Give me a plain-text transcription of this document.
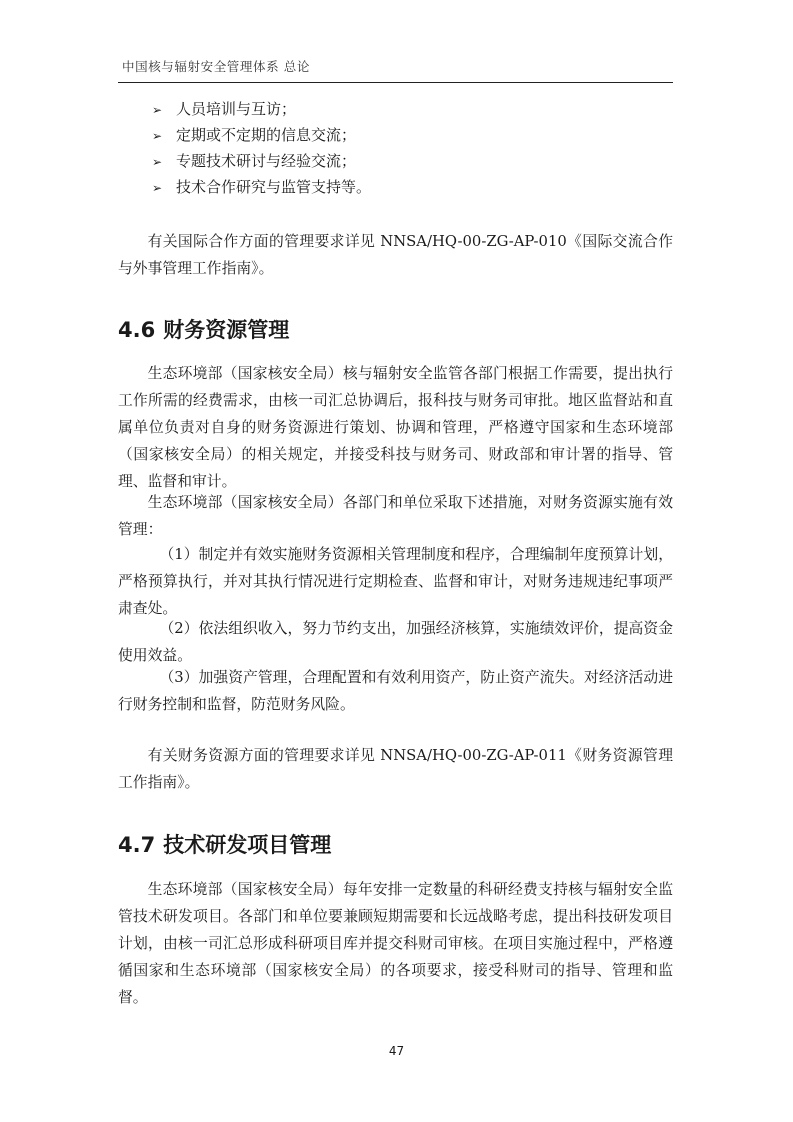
中国核与辐射安全管理体系 总论
➢ 人员培训与互访；
➢ 定期或不定期的信息交流；
➢ 专题技术研讨与经验交流；
➢ 技术合作研究与监管支持等。

有关国际合作方面的管理要求详见 NNSA/HQ-00-ZG-AP-010《国际交流合作与外事管理工作指南》。

4.6 财务资源管理

生态环境部（国家核安全局）核与辐射安全监管各部门根据工作需要，提出执行工作所需的经费需求，由核一司汇总协调后，报科技与财务司审批。地区监督站和直属单位负责对自身的财务资源进行策划、协调和管理，严格遵守国家和生态环境部（国家核安全局）的相关规定，并接受科技与财务司、财政部和审计署的指导、管理、监督和审计。

生态环境部（国家核安全局）各部门和单位采取下述措施，对财务资源实施有效管理：

（1）制定并有效实施财务资源相关管理制度和程序，合理编制年度预算计划，严格预算执行，并对其执行情况进行定期检查、监督和审计，对财务违规违纪事项严肃查处。

（2）依法组织收入，努力节约支出，加强经济核算，实施绩效评价，提高资金使用效益。

（3）加强资产管理，合理配置和有效利用资产，防止资产流失。对经济活动进行财务控制和监督，防范财务风险。

有关财务资源方面的管理要求详见 NNSA/HQ-00-ZG-AP-011《财务资源管理工作指南》。

4.7 技术研发项目管理

生态环境部（国家核安全局）每年安排一定数量的科研经费支持核与辐射安全监管技术研发项目。各部门和单位要兼顾短期需要和长远战略考虑，提出科技研发项目计划，由核一司汇总形成科研项目库并提交科财司审核。在项目实施过程中，严格遵循国家和生态环境部（国家核安全局）的各项要求，接受科财司的指导、管理和监督。

47
